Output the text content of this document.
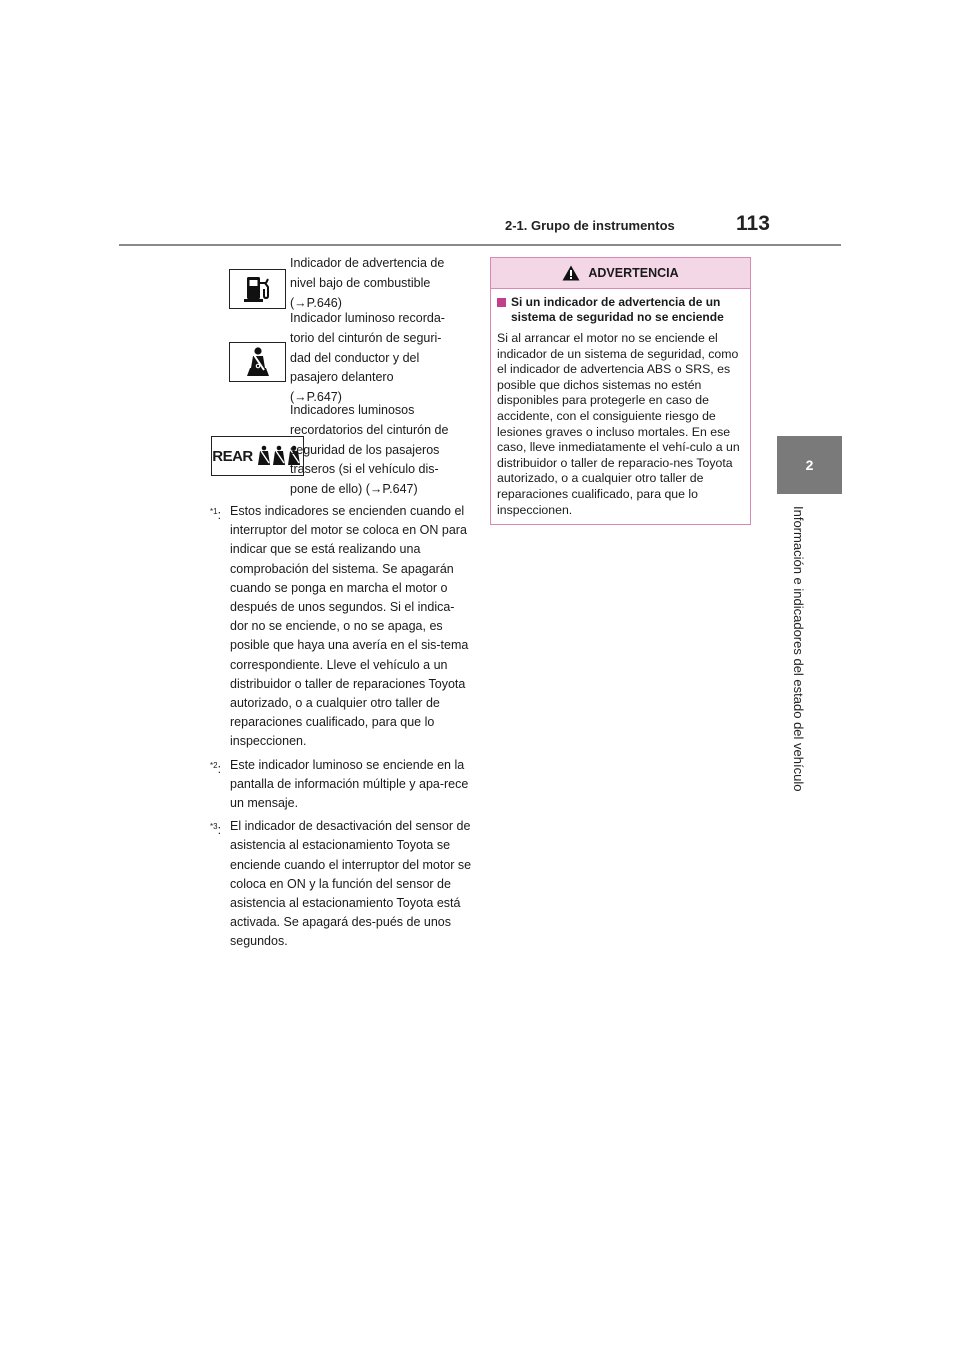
2-1. Grupo de instrumentos	113
2
Información e indicadores del estado del vehículo

Indicador de advertencia de

nivel bajo de combustible

(→P.646)

Indicador luminoso recorda-

torio del cinturón de seguri-

dad del conductor y del

pasajero delantero

(→P.647)

REAR

Indicadores luminosos

recordatorios del cinturón de

seguridad de los pasajeros

traseros (si el vehículo dis-

pone de ello) (→P.647)

$^{*1}$: Estos indicadores se encienden cuando el interruptor del motor se coloca en ON para indicar que se está realizando una comprobación del sistema. Se apagarán cuando se ponga en marcha el motor o después de unos segundos. Si el indica-dor no se enciende, o no se apaga, es posible que haya una avería en el sis-tema correspondiente. Lleve el vehículo a un distribuidor o taller de reparaciones Toyota autorizado, o a cualquier otro taller de reparaciones cualificado, para que lo inspeccionen.
$^{*2}$: Este indicador luminoso se enciende en la pantalla de información múltiple y apa-rece un mensaje.
$^{*3}$: El indicador de desactivación del sensor de asistencia al estacionamiento Toyota se enciende cuando el interruptor del motor se coloca en ON y la función del sensor de asistencia al estacionamiento Toyota está activada. Se apagará des-pués de unos segundos.
ADVERTENCIA
Si un indicador de advertencia de un sistema de seguridad no se enciende
Si al arrancar el motor no se enciende el indicador de un sistema de seguridad, como el indicador de advertencia ABS o SRS, es posible que dichos sistemas no estén disponibles para protegerle en caso de accidente, con el consiguiente riesgo de lesiones graves o incluso mortales. En ese caso, lleve inmediatamente el vehí-culo a un distribuidor o taller de reparacio-nes Toyota autorizado, o a cualquier otro taller de reparaciones cualificado, para que lo inspeccionen.
